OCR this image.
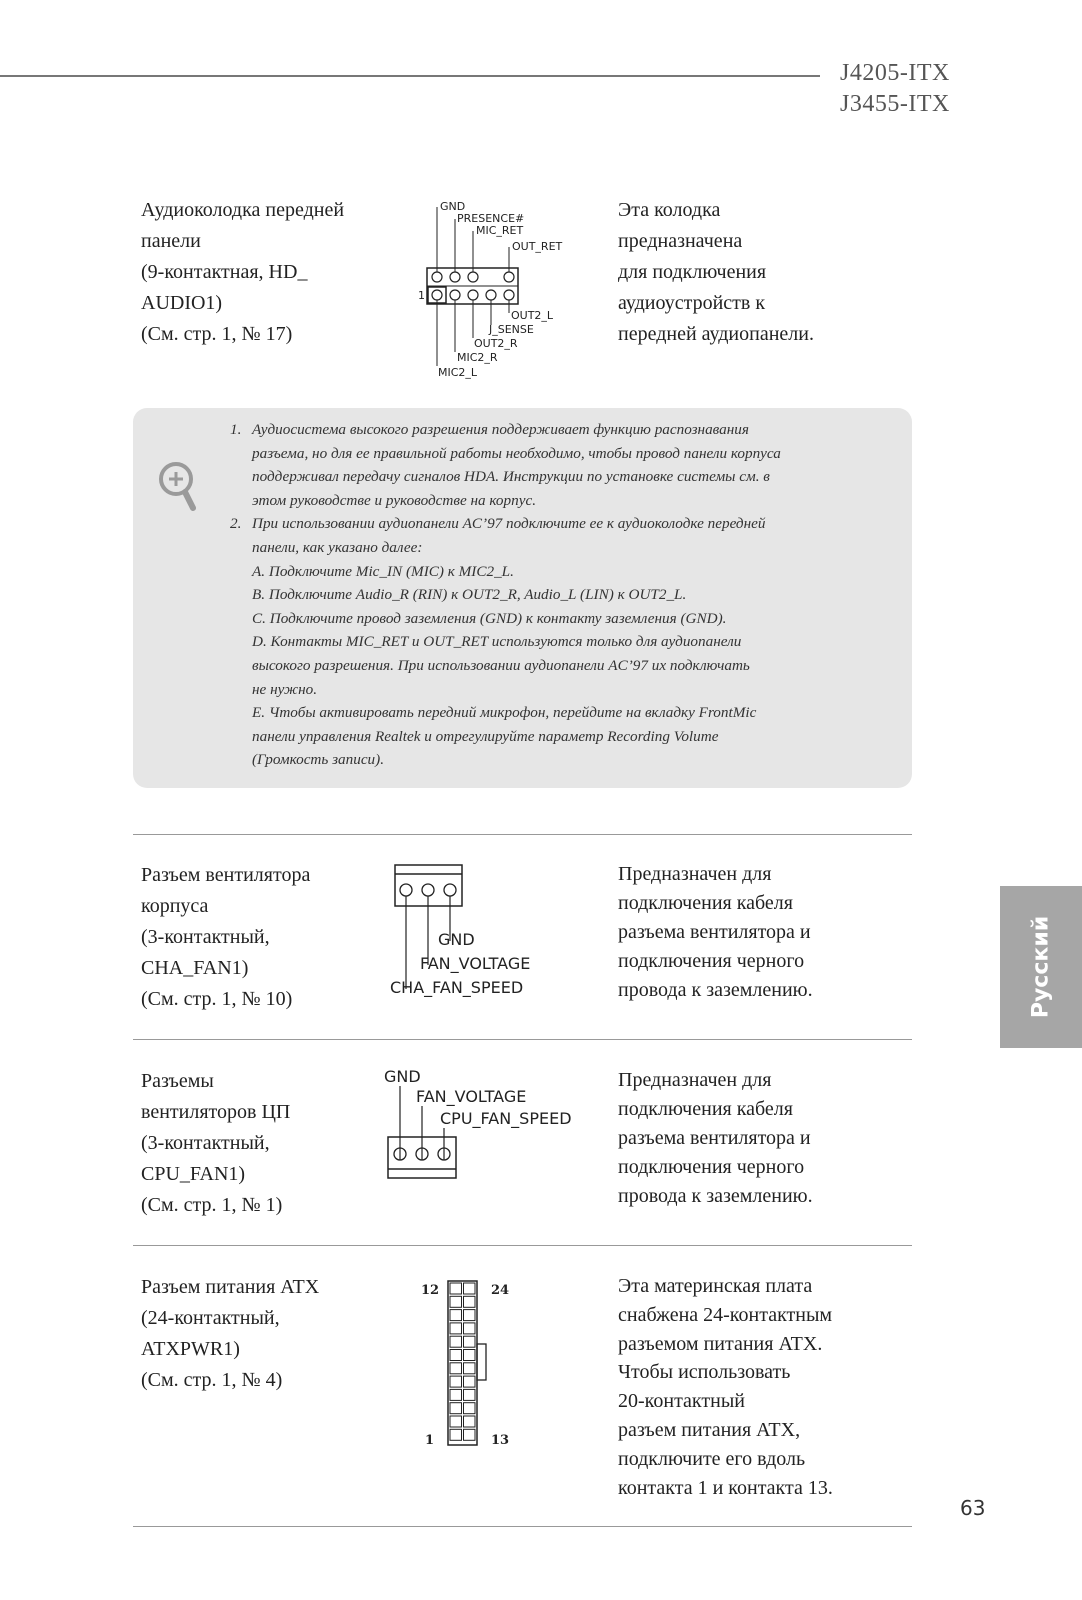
J4205-ITX
J3455-ITX
Аудиоколодка передней
панели
(9-контактная, HD_
AUDIO1)
(См. стр. 1, № 17)
GND
PRESENCE#
MIC_RET
OUT_RET
1
OUT2_L
J_SENSE
OUT2_R
MIC2_R
MIC2_L
Эта колодка
предназначена
для подключения
аудиоустройств к
передней аудиопанели.
1. Аудиосистема высокого разрешения поддерживает функцию распознавания
разъема, но для ее правильной работы необходимо, чтобы провод панели корпуса
поддерживал передачу сигналов HDA. Инструкции по установке системы см. в
этом руководстве и руководстве на корпус.
2. При использовании аудиопанели AC’97 подключите ее к аудиоколодке передней
панели, как указано далее:
A. Подключите Mic_IN (MIC) к MIC2_L.
B. Подключите Audio_R (RIN) к OUT2_R, Audio_L (LIN) к OUT2_L.
C. Подключите провод заземления (GND) к контакту заземления (GND).
D. Контакты MIC_RET и OUT_RET используются только для аудиопанели
высокого разрешения. При использовании аудиопанели AC’97 их подключать
не нужно.
E. Чтобы активировать передний микрофон, перейдите на вкладку FrontMic
панели управления Realtek и отрегулируйте параметр Recording Volume
(Громкость записи).
Разъем вентилятора
корпуса
(3-контактный,
CHA_FAN1)
(См. стр. 1, № 10)
GND
FAN_VOLTAGE
CHA_FAN_SPEED
Предназначен для
подключения кабеля
разъема вентилятора и
подключения черного
провода к заземлению.
Разъемы
вентиляторов ЦП
(3-контактный,
CPU_FAN1)
(См. стр. 1, № 1)
GND
FAN_VOLTAGE
CPU_FAN_SPEED
Предназначен для
подключения кабеля
разъема вентилятора и
подключения черного
провода к заземлению.
Разъем питания ATX
(24-контактный,
ATXPWR1)
(См. стр. 1, № 4)
12	24
1	13
Эта материнская плата
снабжена 24-контактным
разъемом питания ATX.
Чтобы использовать
20-контактный
разъем питания ATX,
подключите его вдоль
контакта 1 и контакта 13.
Русский
63
